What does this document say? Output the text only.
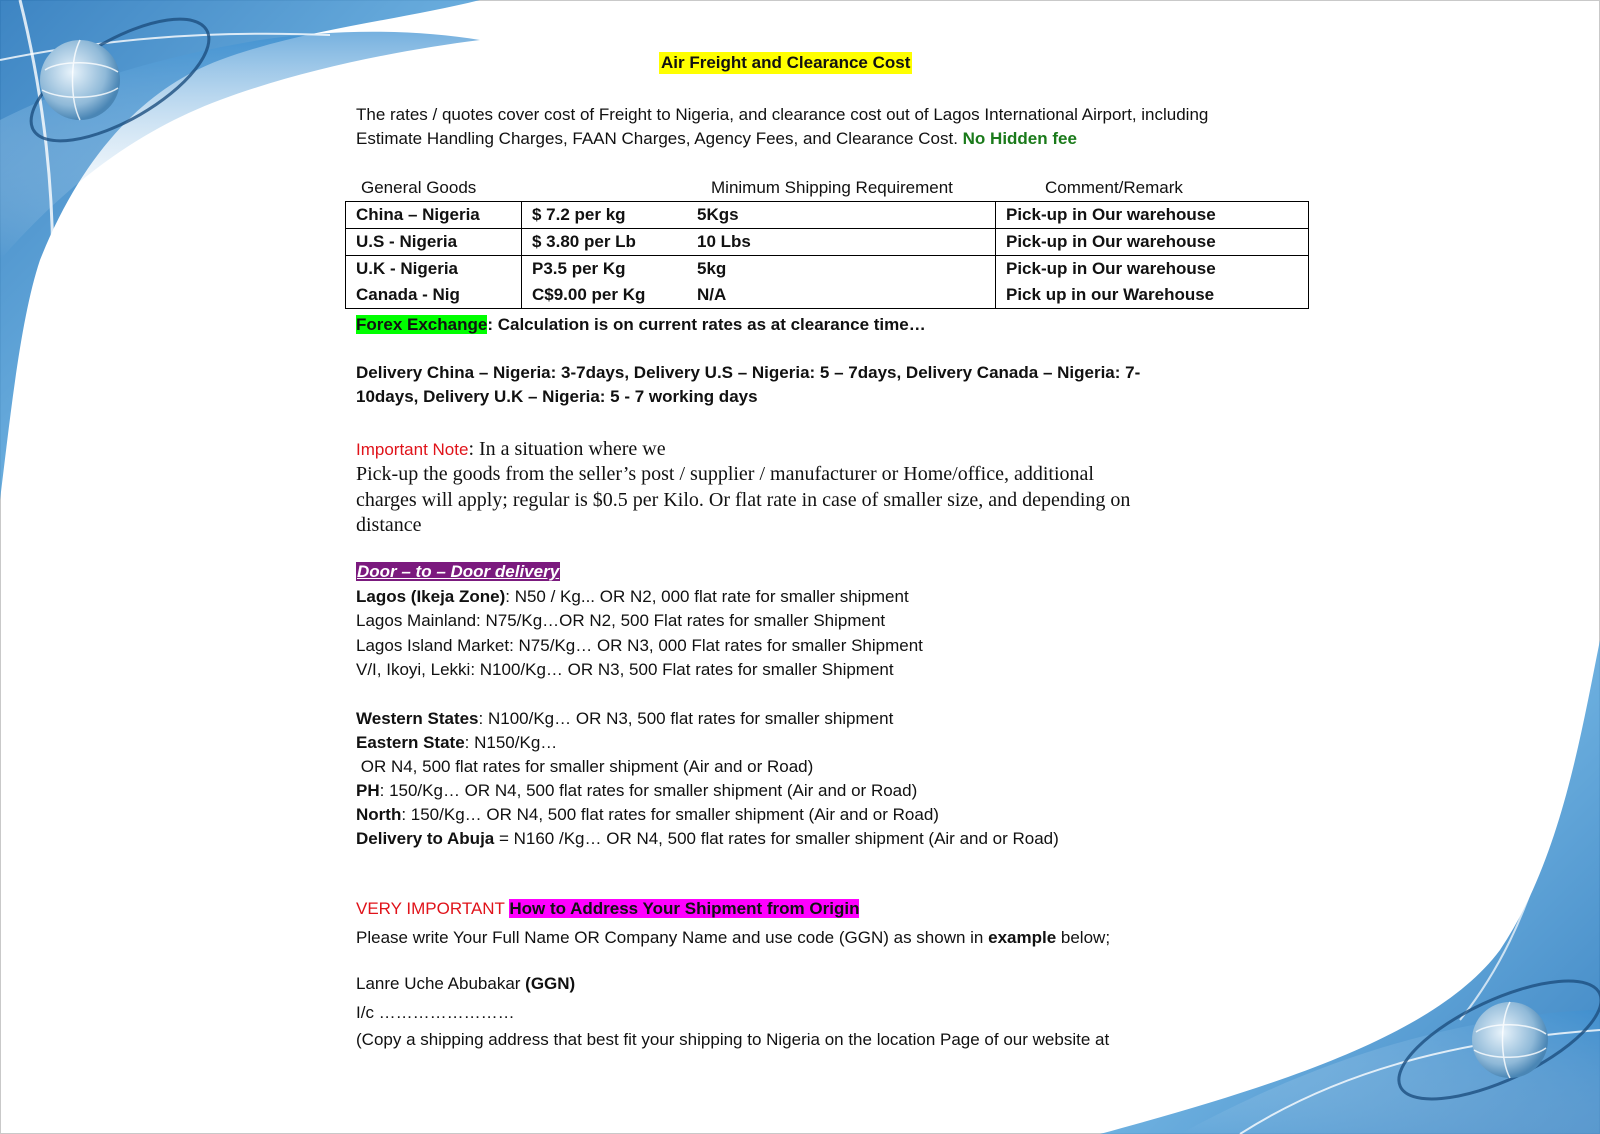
Air Freight and Clearance Cost
The rates / quotes cover cost of Freight to Nigeria, and clearance cost out of Lagos International Airport, including Estimate Handling Charges, FAAN Charges, Agency Fees, and Clearance Cost. No Hidden fee
General Goods	Minimum Shipping Requirement	Comment/Remark
China – Nigeria	$ 7.2 per kg	5Kgs	Pick-up in Our warehouse
U.S - Nigeria	$ 3.80 per Lb	10 Lbs	Pick-up in Our warehouse
U.K - Nigeria	P3.5 per Kg	5kg	Pick-up in Our warehouse
Canada - Nig	C$9.00 per Kg	N/A	Pick up in our Warehouse
Forex Exchange: Calculation is on current rates as at clearance time…
Delivery China – Nigeria: 3-7days, Delivery U.S – Nigeria: 5 – 7days, Delivery Canada – Nigeria: 7-
10days, Delivery U.K – Nigeria: 5 - 7 working days
Important Note: In a situation where we
Pick-up the goods from the seller’s post / supplier / manufacturer or Home/office, additional
charges will apply; regular is $0.5 per Kilo. Or flat rate in case of smaller size, and depending on
distance
Door – to – Door delivery
Lagos (Ikeja Zone): N50 / Kg... OR N2, 000 flat rate for smaller shipment
Lagos Mainland: N75/Kg…OR N2, 500 Flat rates for smaller Shipment
Lagos Island Market: N75/Kg… OR N3, 000 Flat rates for smaller Shipment
V/I, Ikoyi, Lekki: N100/Kg… OR N3, 500 Flat rates for smaller Shipment
Western States: N100/Kg… OR N3, 500 flat rates for smaller shipment
Eastern State: N150/Kg…
OR N4, 500 flat rates for smaller shipment (Air and or Road)
PH: 150/Kg… OR N4, 500 flat rates for smaller shipment (Air and or Road)
North: 150/Kg… OR N4, 500 flat rates for smaller shipment (Air and or Road)
Delivery to Abuja = N160 /Kg… OR N4, 500 flat rates for smaller shipment (Air and or Road)
VERY IMPORTANT How to Address Your Shipment from Origin
Please write Your Full Name OR Company Name and use code (GGN) as shown in example below;
Lanre Uche Abubakar (GGN)
I/c ……………………
(Copy a shipping address that best fit your shipping to Nigeria on the location Page of our website at
